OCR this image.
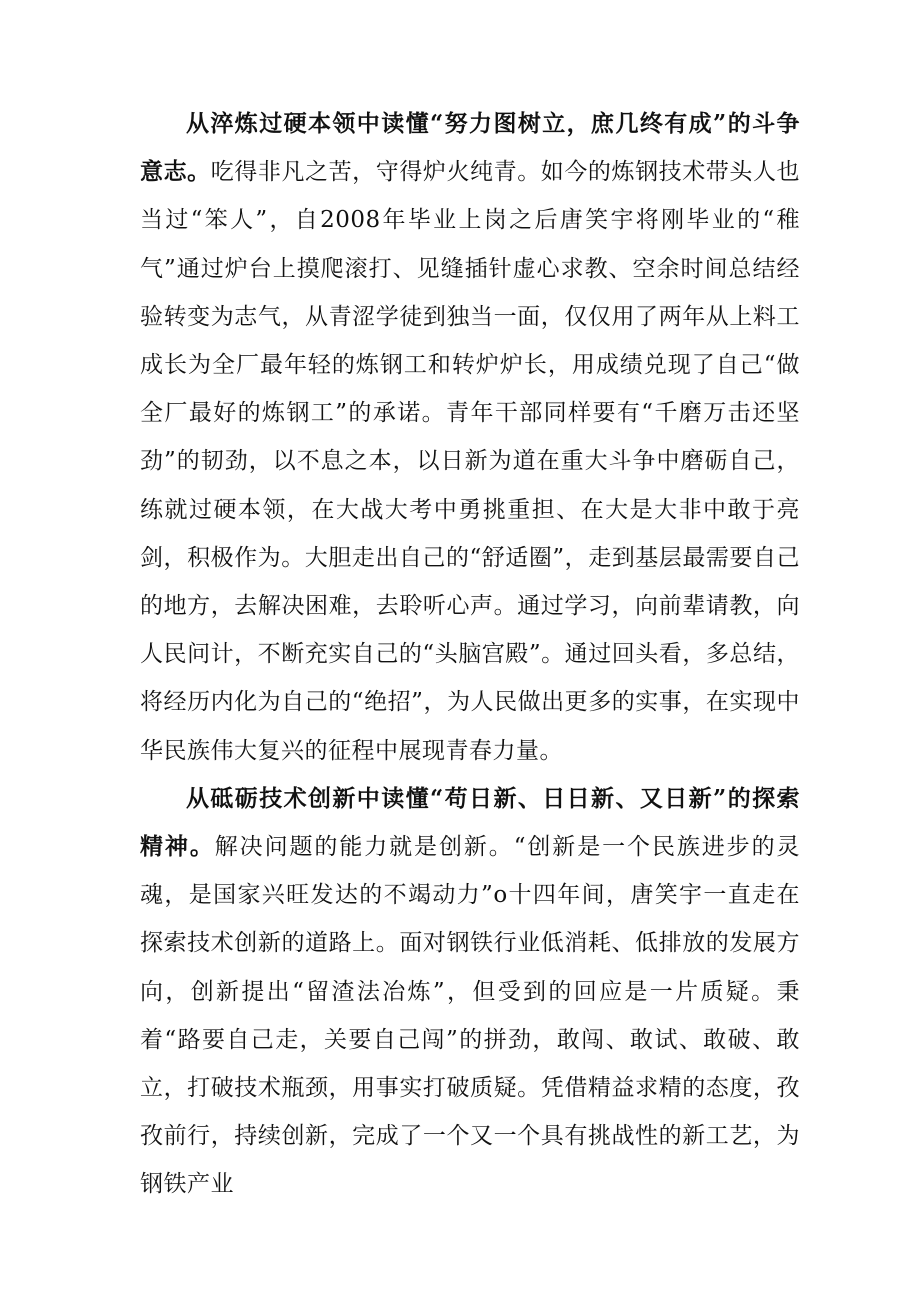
从淬炼过硬本领中读懂“努力图树立，庶几终有成”的斗争意志。吃得非凡之苦，守得炉火纯青。如今的炼钢技术带头人也当过“笨人”，自2008年毕业上岗之后唐笑宇将刚毕业的“稚气”通过炉台上摸爬滚打、见缝插针虚心求教、空余时间总结经验转变为志气，从青涩学徒到独当一面，仅仅用了两年从上料工成长为全厂最年轻的炼钢工和转炉炉长，用成绩兑现了自己“做全厂最好的炼钢工”的承诺。青年干部同样要有“千磨万击还坚劲”的韧劲，以不息之本，以日新为道在重大斗争中磨砺自己，练就过硬本领，在大战大考中勇挑重担、在大是大非中敢于亮剑，积极作为。大胆走出自己的“舒适圈”，走到基层最需要自己的地方，去解决困难，去聆听心声。通过学习，向前辈请教，向人民问计，不断充实自己的“头脑宫殿”。通过回头看，多总结，将经历内化为自己的“绝招”，为人民做出更多的实事，在实现中华民族伟大复兴的征程中展现青春力量。

从砥砺技术创新中读懂“苟日新、日日新、又日新”的探索精神。解决问题的能力就是创新。“创新是一个民族进步的灵魂，是国家兴旺发达的不竭动力”o十四年间，唐笑宇一直走在探索技术创新的道路上。面对钢铁行业低消耗、低排放的发展方向，创新提出“留渣法冶炼”，但受到的回应是一片质疑。秉着“路要自己走，关要自己闯”的拼劲，敢闯、敢试、敢破、敢立，打破技术瓶颈，用事实打破质疑。凭借精益求精的态度，孜孜前行，持续创新，完成了一个又一个具有挑战性的新工艺，为钢铁产业
